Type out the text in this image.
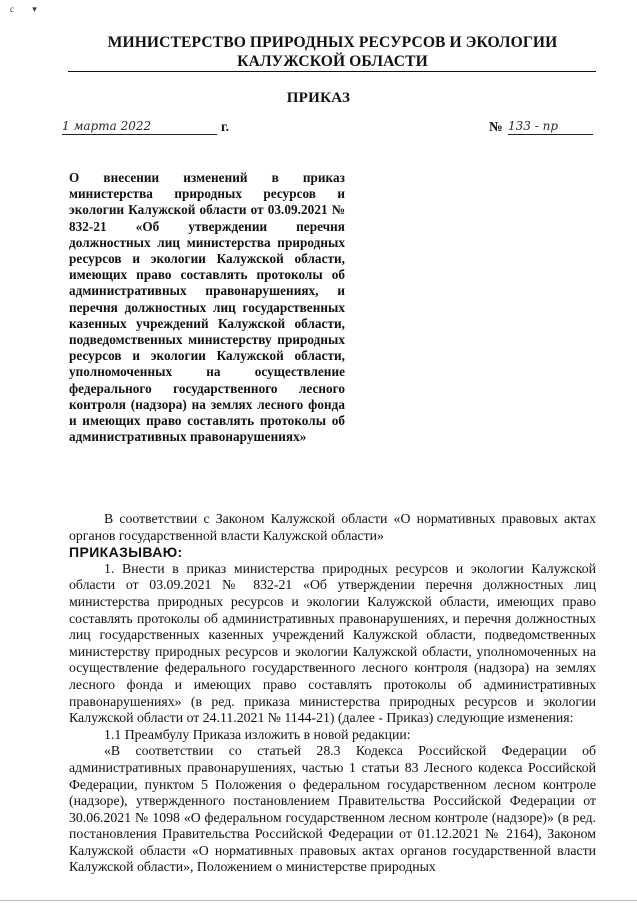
с ▾
МИНИСТЕРСТВО ПРИРОДНЫХ РЕСУРСОВ И ЭКОЛОГИИ
КАЛУЖСКОЙ ОБЛАСТИ
ПРИКАЗ
1 марта 2022	г.	№ 133 - пр
О внесении изменений в приказ министерства природных ресурсов и экологии Калужской области от 03.09.2021 № 832-21 «Об утверждении перечня должностных лиц министерства природных ресурсов и экологии Калужской области, имеющих право составлять протоколы об административных правонарушениях, и перечня должностных лиц государственных казенных учреждений Калужской области, подведомственных министерству природных ресурсов и экологии Калужской области, уполномоченных на осуществление федерального государственного лесного контроля (надзора) на землях лесного фонда и имеющих право составлять протоколы об административных правонарушениях»

В соответствии с Законом Калужской области «О нормативных правовых актах органов государственной власти Калужской области»

ПРИКАЗЫВАЮ:

1. Внести в приказ министерства природных ресурсов и экологии Калужской области от 03.09.2021 № 832-21 «Об утверждении перечня должностных лиц министерства природных ресурсов и экологии Калужской области, имеющих право составлять протоколы об административных правонарушениях, и перечня должностных лиц государственных казенных учреждений Калужской области, подведомственных министерству природных ресурсов и экологии Калужской области, уполномоченных на осуществление федерального государственного лесного контроля (надзора) на землях лесного фонда и имеющих право составлять протоколы об административных правонарушениях» (в ред. приказа министерства природных ресурсов и экологии Калужской области от 24.11.2021 № 1144-21) (далее - Приказ) следующие изменения:

1.1 Преамбулу Приказа изложить в новой редакции:

«В соответствии со статьей 28.3 Кодекса Российской Федерации об административных правонарушениях, частью 1 статьи 83 Лесного кодекса Российской Федерации, пунктом 5 Положения о федеральном государственном лесном контроле (надзоре), утвержденного постановлением Правительства Российской Федерации от 30.06.2021 № 1098 «О федеральном государственном лесном контроле (надзоре)» (в ред. постановления Правительства Российской Федерации от 01.12.2021 № 2164), Законом Калужской области «О нормативных правовых актах органов государственной власти Калужской области», Положением о министерстве природных
